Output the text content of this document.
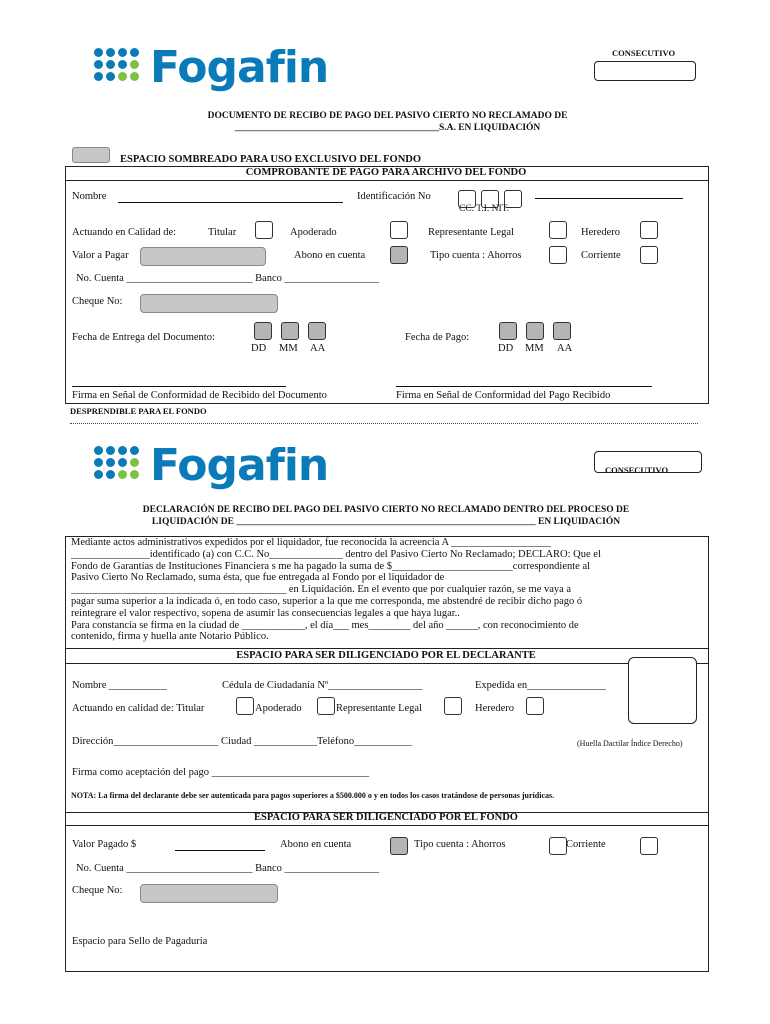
Fogafin	CONSECUTIVO
DOCUMENTO DE RECIBO DE PAGO DEL PASIVO CIERTO NO RECLAMADO DE
___________________________________________S.A. EN LIQUIDACIÓN
ESPACIO SOMBREADO PARA USO EXCLUSIVO DEL FONDO
COMPROBANTE DE PAGO PARA ARCHIVO DEL FONDO
Nombre	Identificación No
CC. T.I. NIT.
Actuando en Calidad de:	Titular	Apoderado	Representante Legal	Heredero
Valor a Pagar	Abono en cuenta	Tipo cuenta : Ahorros	Corriente
No. Cuenta ________________________ Banco __________________
Cheque No:
Fecha de Entrega del Documento:
DD MM AA
Fecha de Pago:
DD MM AA
Firma en Señal de Conformidad de Recibido del Documento	Firma en Señal de Conformidad del Pago Recibido
DESPRENDIBLE PARA EL FONDO
Fogafin	CONSECUTIVO
DECLARACIÓN DE RECIBO DEL PAGO DEL PASIVO CIERTO NO RECLAMADO DENTRO DEL PROCESO DE
LIQUIDACIÓN DE _______________________________________________________________ EN LIQUIDACIÓN
Mediante actos administrativos expedidos por el liquidador, fue reconocida la acreencia A ___________________
_______________identificado (a) con C.C. No______________ dentro del Pasivo Cierto No Reclamado; DECLARO: Que el
Fondo de Garantías de Instituciones Financiera s me ha pagado la suma de $_______________________correspondiente al
Pasivo Cierto No Reclamado, suma ésta, que fue entregada al Fondo por el liquidador de
_________________________________________ en Liquidación. En el evento que por cualquier razón, se me vaya a
pagar suma superior a la indicada ó, en todo caso, superior a la que me corresponda, me abstendré de recibir dicho pago ó
reintegrare el valor respectivo, sopena de asumir las consecuencias legales a que haya lugar..
Para constancia se firma en la ciudad de ____________, el día___ mes________ del año ______, con reconocimiento de
contenido, firma y huella ante Notario Público.
ESPACIO PARA SER DILIGENCIADO POR EL DECLARANTE
Nombre ___________	Cédula de Ciudadanía Nº__________________	Expedida en_______________
Actuando en calidad de: Titular	Apoderado	Representante Legal	Heredero
Dirección____________________ Ciudad ____________Teléfono___________	(Huella Dactilar Índice Derecho)
Firma como aceptación del pago ______________________________
NOTA: La firma del declarante debe ser autenticada para pagos superiores a $500.000 o y en todos los casos tratándose de personas jurídicas.
ESPACIO PARA SER DILIGENCIADO POR EL FONDO
Valor Pagado $	Abono en cuenta	Tipo cuenta : Ahorros	Corriente
No. Cuenta ________________________ Banco __________________
Cheque No:
Espacio para Sello de Pagaduría
